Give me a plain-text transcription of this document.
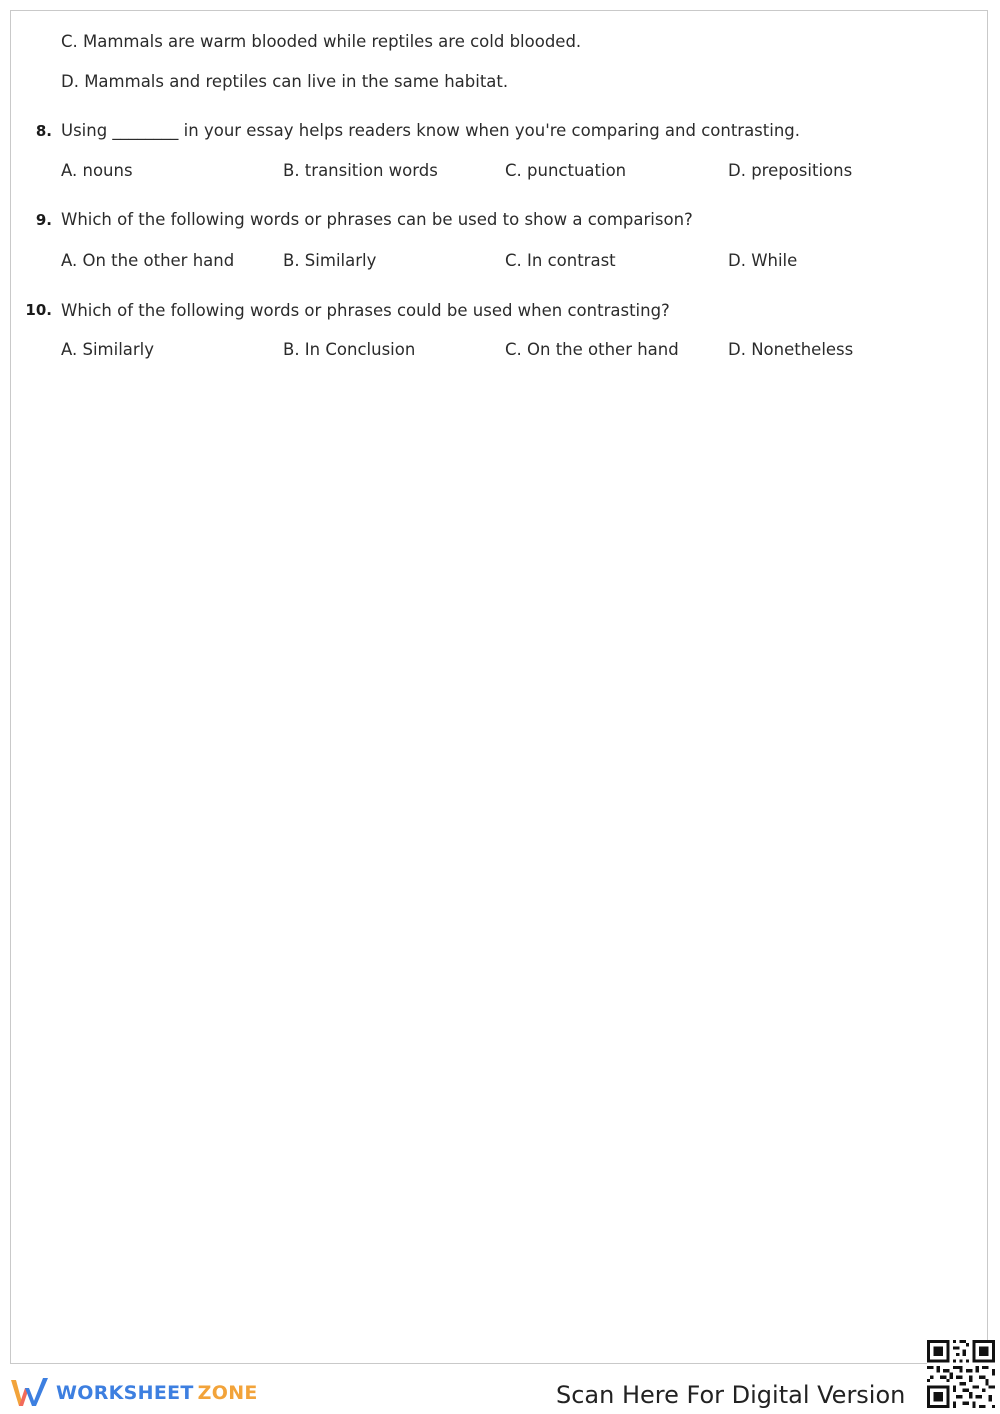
C. Mammals are warm blooded while reptiles are cold blooded.
D. Mammals and reptiles can live in the same habitat.
8. Using ________ in your essay helps readers know when you're comparing and contrasting.
A. nouns	B. transition words	C. punctuation	D. prepositions
9. Which of the following words or phrases can be used to show a comparison?
A. On the other hand	B. Similarly	C. In contrast	D. While
10. Which of the following words or phrases could be used when contrasting?
A. Similarly	B. In Conclusion	C. On the other hand	D. Nonetheless
WORKSHEET ZONE	Scan Here For Digital Version
